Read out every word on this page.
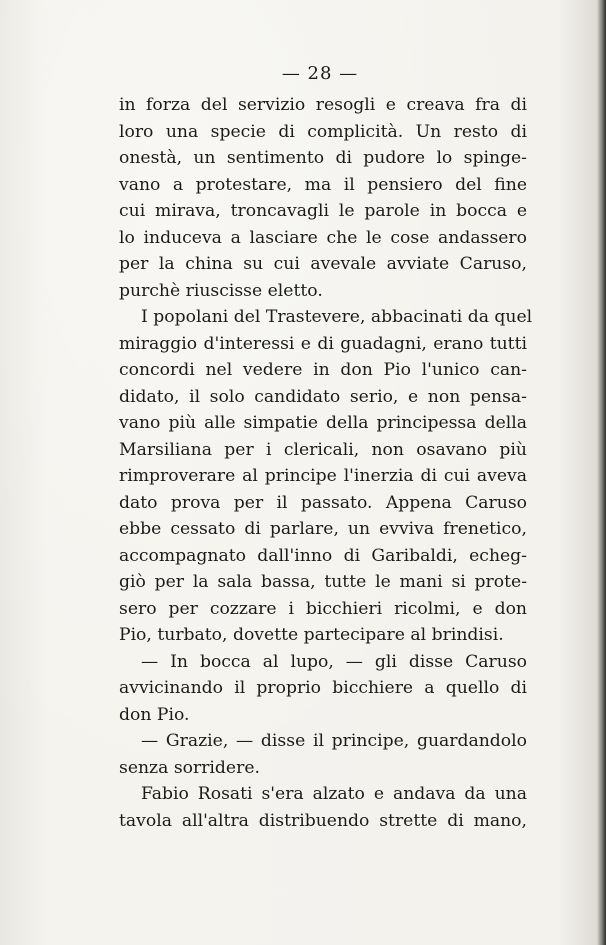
— 28 —
in forza del servizio resogli e creava fra di
loro una specie di complicità. Un resto di
onestà, un sentimento di pudore lo spinge-
vano a protestare, ma il pensiero del fine
cui mirava, troncavagli le parole in bocca e
lo induceva a lasciare che le cose andassero
per la china su cui avevale avviate Caruso,
purchè riuscisse eletto.
I popolani del Trastevere, abbacinati da quel
miraggio d'interessi e di guadagni, erano tutti
concordi nel vedere in don Pio l'unico can-
didato, il solo candidato serio, e non pensa-
vano più alle simpatie della principessa della
Marsiliana per i clericali, non osavano più
rimproverare al principe l'inerzia di cui aveva
dato prova per il passato. Appena Caruso
ebbe cessato di parlare, un evviva frenetico,
accompagnato dall'inno di Garibaldi, echeg-
giò per la sala bassa, tutte le mani si prote-
sero per cozzare i bicchieri ricolmi, e don
Pio, turbato, dovette partecipare al brindisi.
— In bocca al lupo, — gli disse Caruso
avvicinando il proprio bicchiere a quello di
don Pio.
— Grazie, — disse il principe, guardandolo
senza sorridere.
Fabio Rosati s'era alzato e andava da una
tavola all'altra distribuendo strette di mano,
